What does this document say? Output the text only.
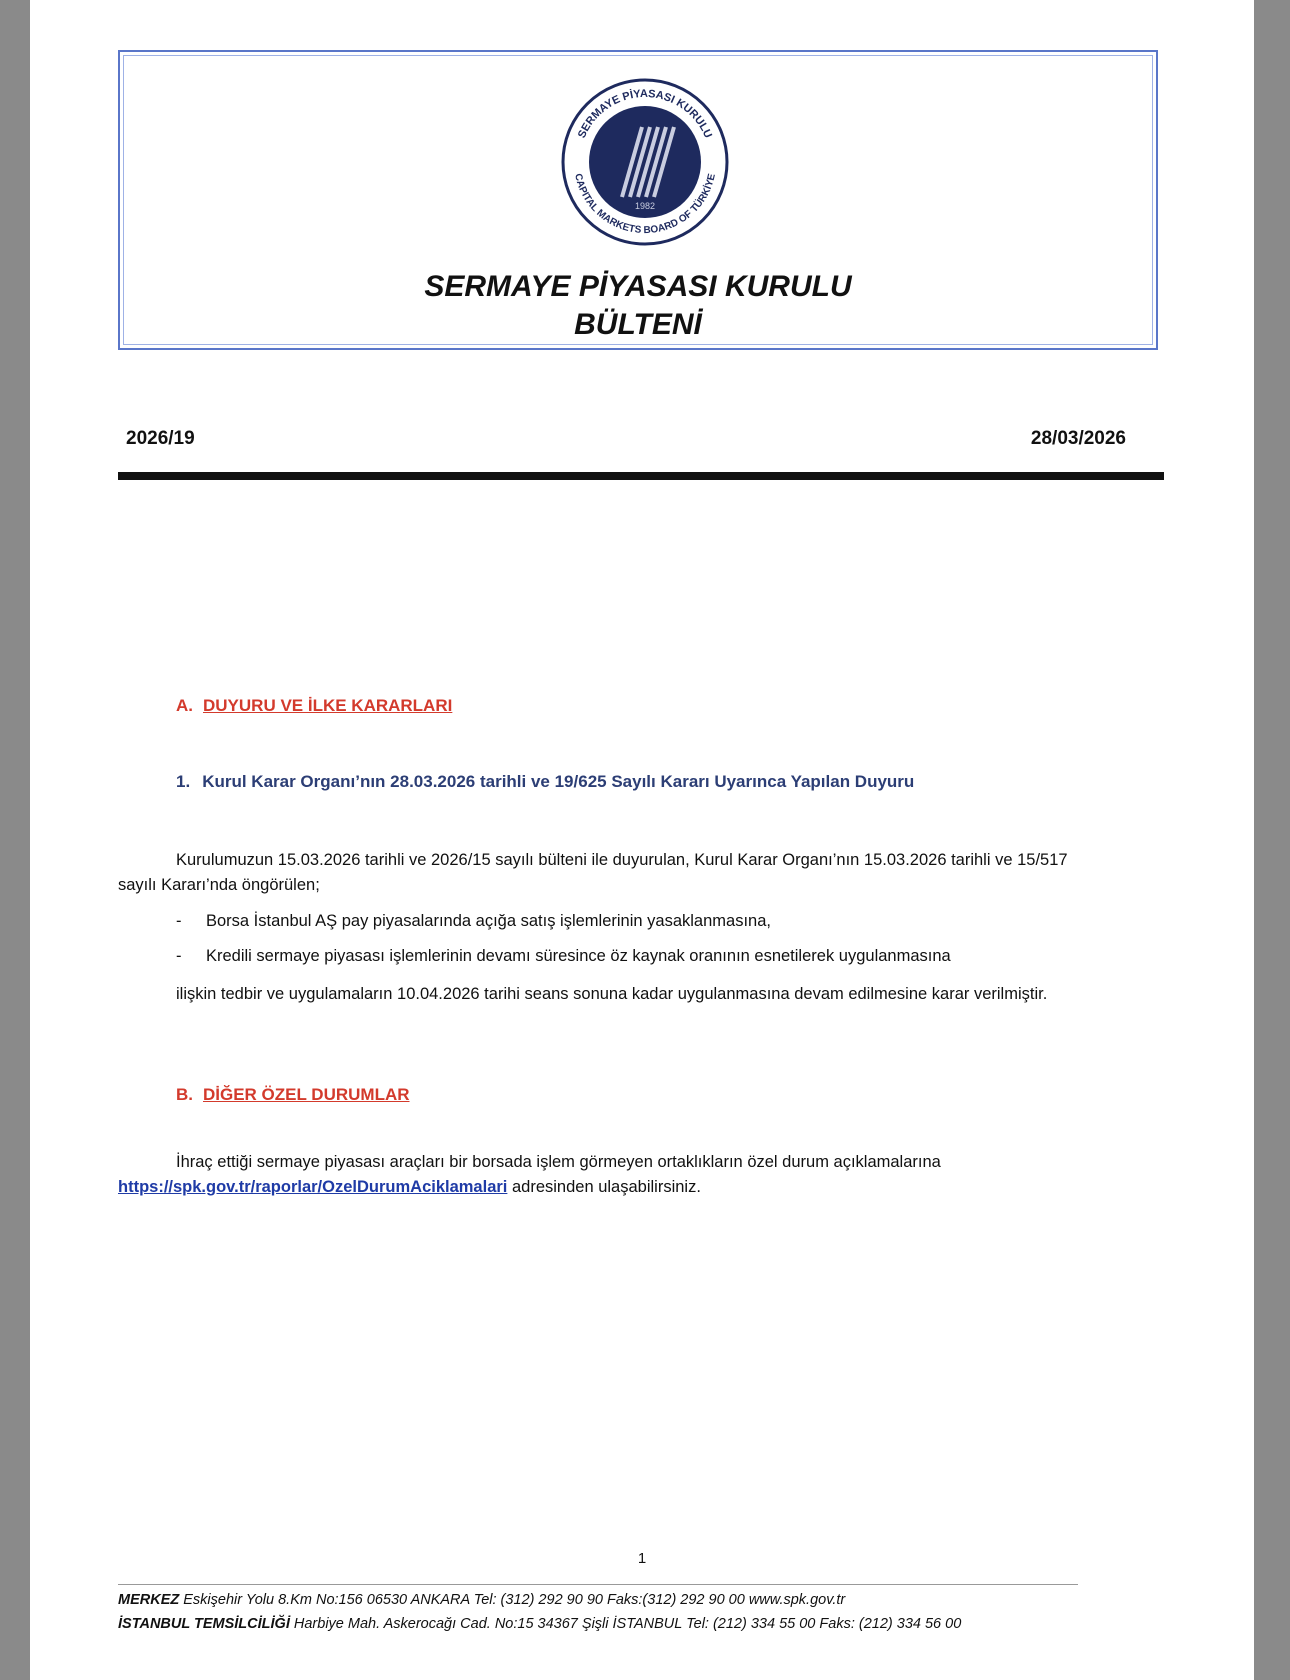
1982
SERMAYE PİYASASI KURULU
CAPITAL MARKETS BOARD OF TÜRKİYE
SERMAYE PİYASASI KURULU
BÜLTENİ
2026/19	28/03/2026
A. DUYURU VE İLKE KARARLARI
1. Kurul Karar Organı’nın 28.03.2026 tarihli ve 19/625 Sayılı Kararı Uyarınca Yapılan Duyuru
Kurulumuzun 15.03.2026 tarihli ve 2026/15 sayılı bülteni ile duyurulan, Kurul Karar Organı’nın 15.03.2026 tarihli ve 15/517
sayılı Kararı’nda öngörülen;
- Borsa İstanbul AŞ pay piyasalarında açığa satış işlemlerinin yasaklanmasına,
- Kredili sermaye piyasası işlemlerinin devamı süresince öz kaynak oranının esnetilerek uygulanmasına
ilişkin tedbir ve uygulamaların 10.04.2026 tarihi seans sonuna kadar uygulanmasına devam edilmesine karar verilmiştir.
B. DİĞER ÖZEL DURUMLAR
İhraç ettiği sermaye piyasası araçları bir borsada işlem görmeyen ortaklıkların özel durum açıklamalarına
https://spk.gov.tr/raporlar/OzelDurumAciklamalari adresinden ulaşabilirsiniz.
1
MERKEZ Eskişehir Yolu 8.Km No:156 06530 ANKARA Tel: (312) 292 90 90 Faks:(312) 292 90 00 www.spk.gov.tr
İSTANBUL TEMSİLCİLİĞİ Harbiye Mah. Askerocağı Cad. No:15 34367 Şişli İSTANBUL Tel: (212) 334 55 00 Faks: (212) 334 56 00
